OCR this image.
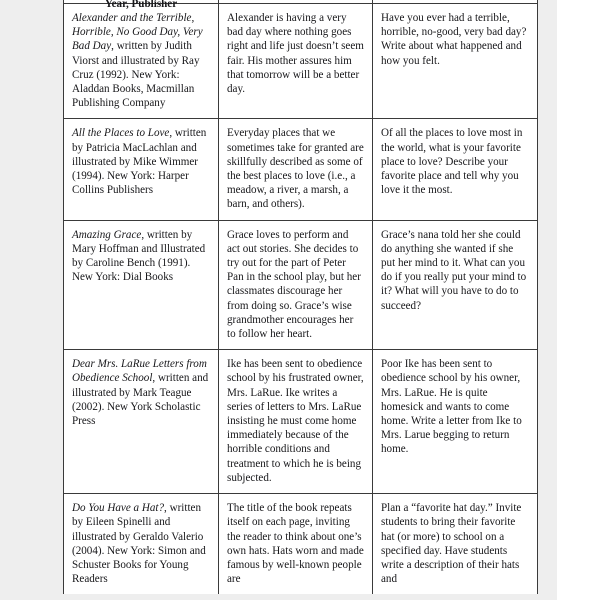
Year, Publisher

Alexander and the Terrible, Horrible, No Good Day, Very Bad Day, written by Judith Viorst and illustrated by Ray Cruz (1992). New York: Aladdan Books, Macmillan Publishing Company	Alexander is having a very bad day where nothing goes right and life just doesn’t seem fair. His mother assures him that tomorrow will be a better day.	Have you ever had a terrible, horrible, no-good, very bad day? Write about what happened and how you felt.

All the Places to Love, written by Patricia MacLachlan and illustrated by Mike Wimmer (1994). New York: Harper Collins Publishers	Everyday places that we sometimes take for granted are skillfully described as some of the best places to love (i.e., a meadow, a river, a marsh, a barn, and others).	Of all the places to love most in the world, what is your favorite place to love? Describe your favorite place and tell why you love it the most.

Amazing Grace, written by Mary Hoffman and Illustrated by Caroline Bench (1991). New York: Dial Books	Grace loves to perform and act out stories. She decides to try out for the part of Peter Pan in the school play, but her classmates discourage her from doing so. Grace’s wise grandmother encourages her to follow her heart.	Grace’s nana told her she could do anything she wanted if she put her mind to it. What can you do if you really put your mind to it? What will you have to do to succeed?

Dear Mrs. LaRue Letters from Obedience School, written and illustrated by Mark Teague (2002). New York Scholastic Press	Ike has been sent to obedience school by his frustrated owner, Mrs. LaRue. Ike writes a series of letters to Mrs. LaRue insisting he must come home immediately because of the horrible conditions and treatment to which he is being subjected.	Poor Ike has been sent to obedience school by his owner, Mrs. LaRue. He is quite homesick and wants to come home. Write a letter from Ike to Mrs. Larue begging to return home.

Do You Have a Hat?, written by Eileen Spinelli and illustrated by Geraldo Valerio (2004). New York: Simon and Schuster Books for Young Readers	The title of the book repeats itself on each page, inviting the reader to think about one’s own hats. Hats worn and made famous by well-known people are	Plan a “favorite hat day.” Invite students to bring their favorite hat (or more) to school on a specified day. Have students write a description of their hats and
